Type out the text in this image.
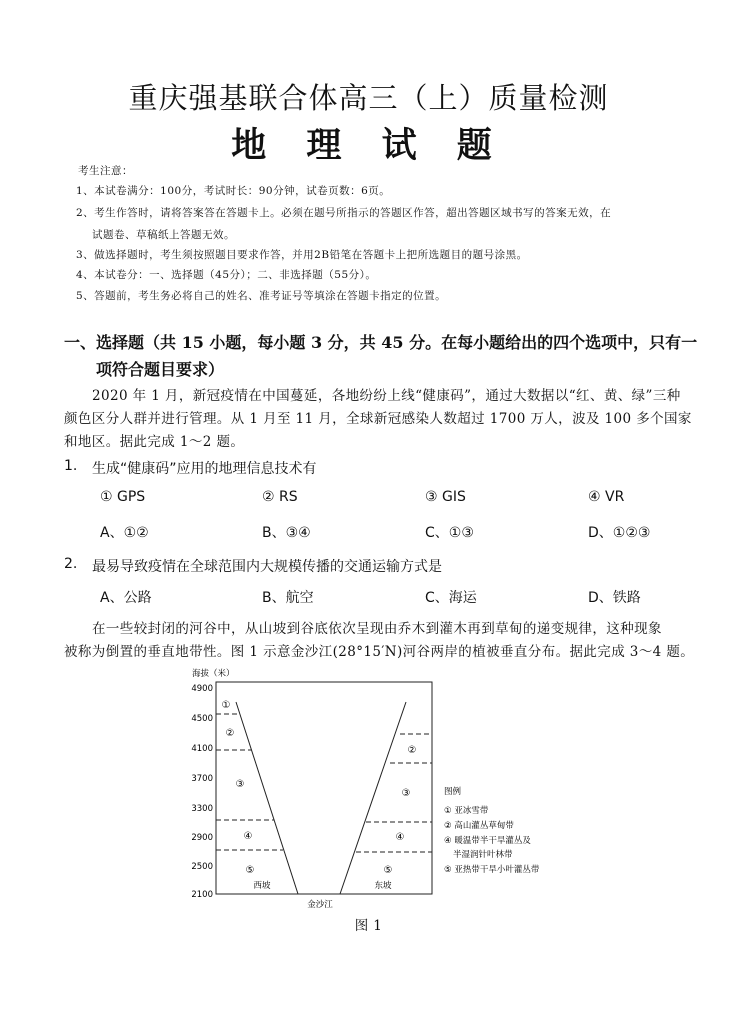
重庆强基联合体高三（上）质量检测
地 理 试 题
考生注意：
1、本试卷满分：100分，考试时长：90分钟，试卷页数：6页。
2、考生作答时，请将答案答在答题卡上。必须在题号所指示的答题区作答，超出答题区域书写的答案无效，在
试题卷、草稿纸上答题无效。
3、做选择题时，考生须按照题目要求作答，并用2B铅笔在答题卡上把所选题目的题号涂黑。
4、本试卷分：一、选择题（45分）；二、非选择题（55分）。
5、答题前，考生务必将自己的姓名、准考证号等填涂在答题卡指定的位置。
一、选择题（共 15 小题，每小题 3 分，共 45 分。在每小题给出的四个选项中，只有一
项符合题目要求）
2020 年 1 月，新冠疫情在中国蔓延，各地纷纷上线“健康码”，通过大数据以“红、黄、绿”三种
颜色区分人群并进行管理。从 1 月至 11 月，全球新冠感染人数超过 1700 万人，波及 100 多个国家
和地区。据此完成 1～2 题。
1. 生成“健康码”应用的地理信息技术有
① GPS	② RS	③ GIS	④ VR
A、①②	B、③④	C、①③	D、①②③
2. 最易导致疫情在全球范围内大规模传播的交通运输方式是
A、公路	B、航空	C、海运	D、铁路
在一些较封闭的河谷中，从山坡到谷底依次呈现由乔木到灌木再到草甸的递变规律，这种现象
被称为倒置的垂直地带性。图 1 示意金沙江(28°15′N)河谷两岸的植被垂直分布。据此完成 3～4 题。
海拔（米）
4900
4500
4100
3700
3300
2900
2500
2100
①
②
③
④
⑤
②
③
④
⑤
西坡	东坡
金沙江
图例
① 亚冰雪带
② 高山灌丛草甸带
④ 暖温带半干旱灌丛及
半湿润针叶林带
⑤ 亚热带干旱小叶灌丛带
图 1
